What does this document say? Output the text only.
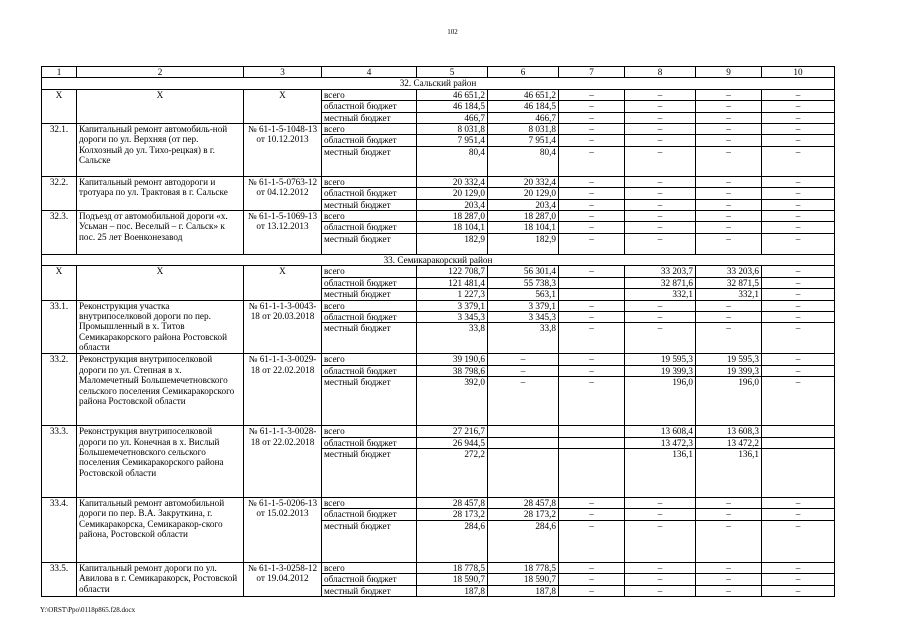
102
1	2	3	4	5	6	7	8	9	10
32. Сальский район									
X	X	X	всего	46 651,2	46 651,2	–	–	–	–
			областной бюджет	46 184,5	46 184,5	–	–	–	–
			местный бюджет	466,7	466,7	–	–	–	–
32.1.	Капитальный ремонт автомобиль-ной дороги по ул. Верхняя (от пер. Колхозный до ул. Тихо-рецкая) в г. Сальске	№ 61-1-5-1048-13 от 10.12.2013	всего	8 031,8	8 031,8	–	–	–	–
			областной бюджет	7 951,4	7 951,4	–	–	–	–
			местный бюджет	80,4	80,4	–	–	–	–
32.2.	Капитальный ремонт автодороги и тротуара по ул. Трактовая в г. Сальске	№ 61-1-5-0763-12 от 04.12.2012	всего	20 332,4	20 332,4	–	–	–	–
			областной бюджет	20 129,0	20 129,0	–	–	–	–
			местный бюджет	203,4	203,4	–	–	–	–
32.3.	Подъезд от автомобильной дороги «х. Усьман – пос. Веселый – г. Сальск» к пос. 25 лет Военконезавод	№ 61-1-5-1069-13 от 13.12.2013	всего	18 287,0	18 287,0	–	–	–	–
			областной бюджет	18 104,1	18 104,1	–	–	–	–
			местный бюджет	182,9	182,9	–	–	–	–
33. Семикаракорский район									
X	X	X	всего	122 708,7	56 301,4	–	33 203,7	33 203,6	–
			областной бюджет	121 481,4	55 738,3		32 871,6	32 871,5	–
			местный бюджет	1 227,3	563,1		332,1	332,1	–
33.1.	Реконструкция участка внутрипоселковой дороги по пер. Промышленный в х. Титов Семикаракорского района Ростовской области	№ 61-1-1-3-0043-18 от 20.03.2018	всего	3 379,1	3 379,1	–	–	–	–
			областной бюджет	3 345,3	3 345,3	–	–	–	–
			местный бюджет	33,8	33,8	–	–	–	–
33.2.	Реконструкция внутрипоселковой дороги по ул. Степная в х. Маломечетный Большемечетновского сельского поселения Семикаракорского района Ростовской области	№ 61-1-1-3-0029-18 от 22.02.2018	всего	39 190,6	–	–	19 595,3	19 595,3	–
			областной бюджет	38 798,6	–	–	19 399,3	19 399,3	–
			местный бюджет	392,0	–	–	196,0	196,0	–
33.3.	Реконструкция внутрипоселковой дороги по ул. Конечная в х. Вислый Большемечетновского сельского поселения Семикаракорского района Ростовской области	№ 61-1-1-3-0028-18 от 22.02.2018	всего	27 216,7			13 608,4	13 608,3	
			областной бюджет	26 944,5			13 472,3	13 472,2	
			местный бюджет	272,2			136,1	136,1	
33.4.	Капитальный ремонт автомобильной дороги по пер. В.А. Закруткина, г. Семикаракорска, Семикаракор-ского района, Ростовской области	№ 61-1-5-0206-13 от 15.02.2013	всего	28 457,8	28 457,8	–	–	–	–
			областной бюджет	28 173,2	28 173,2	–	–	–	–
			местный бюджет	284,6	284,6	–	–	–	–
33.5.	Капитальный ремонт дороги по ул. Авилова в г. Семикаракорск, Ростовской области	№ 61-1-3-0258-12 от 19.04.2012	всего	18 778,5	18 778,5	–	–	–	–
			областной бюджет	18 590,7	18 590,7	–	–	–	–
			местный бюджет	187,8	187,8	–	–	–	–
Y:\ORST\Ppo\0118p865.f28.docx
